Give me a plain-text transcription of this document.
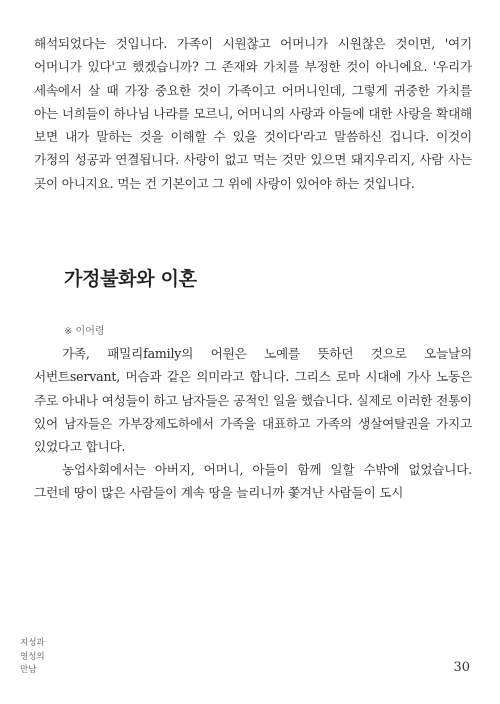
해석되었다는 것입니다. 가족이 시원찮고 어머니가 시원찮은 것이면, '여기 어머니가 있다'고 했겠습니까? 그 존재와 가치를 부정한 것이 아니에요. '우리가 세속에서 살 때 가장 중요한 것이 가족이고 어머니인데, 그렇게 귀중한 가치를 아는 너희들이 하나님 나라를 모르니, 어머니의 사랑과 아들에 대한 사랑을 확대해 보면 내가 말하는 것을 이해할 수 있을 것이다'라고 말씀하신 겁니다. 이것이 가정의 성공과 연결됩니다. 사랑이 없고 먹는 것만 있으면 돼지우리지, 사람 사는 곳이 아니지요. 먹는 건 기본이고 그 위에 사랑이 있어야 하는 것입니다.

가정불화와 이혼

※ 이어령

가족, 패밀리family의 어원은 노예를 뜻하던 것으로 오늘날의 서번트servant, 머슴과 같은 의미라고 합니다. 그리스 로마 시대에 가사 노동은 주로 아내나 여성들이 하고 남자들은 공적인 일을 했습니다. 실제로 이러한 전통이 있어 남자들은 가부장제도하에서 가족을 대표하고 가족의 생살여탈권을 가지고 있었다고 합니다.

농업사회에서는 아버지, 어머니, 아들이 함께 일할 수밖에 없었습니다. 그런데 땅이 많은 사람들이 계속 땅을 늘리니까 쫓겨난 사람들이 도시

지성과
영성의
만남	30
